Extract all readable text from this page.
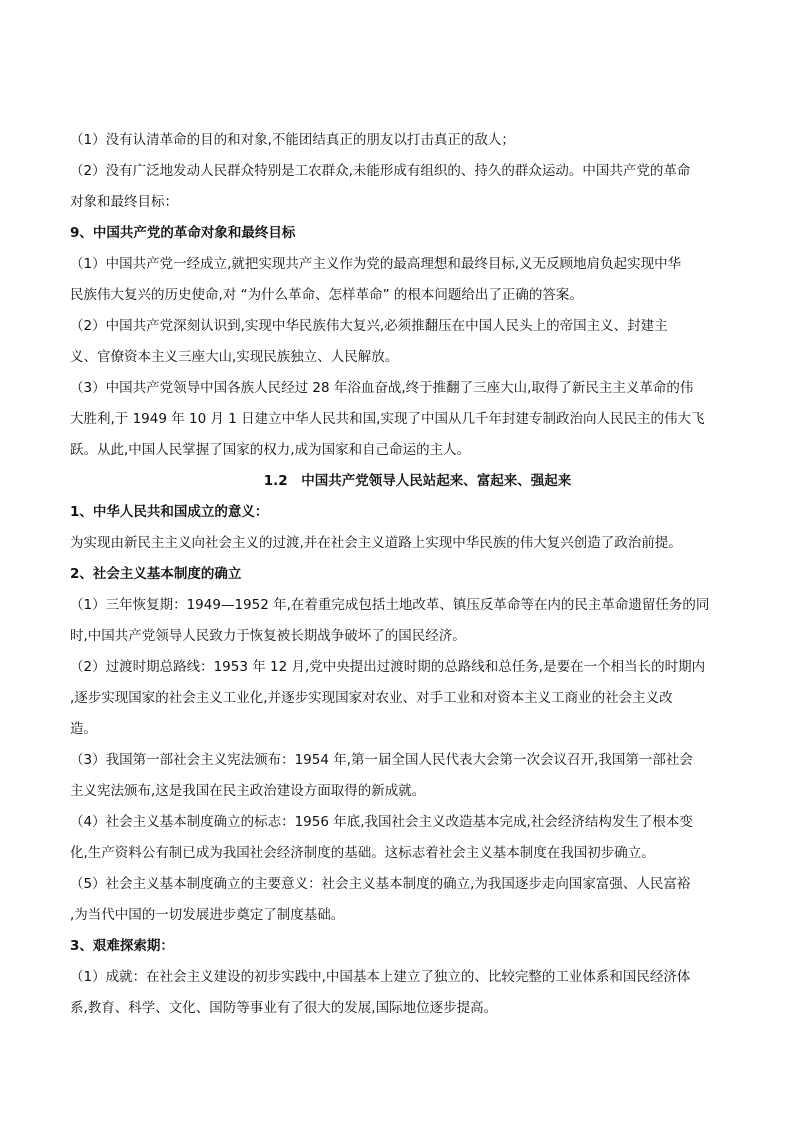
（1）没有认清革命的目的和对象,不能团结真正的朋友以打击真正的敌人；
（2）没有广泛地发动人民群众特别是工农群众,未能形成有组织的、持久的群众运动。中国共产党的革命
对象和最终目标：
9、中国共产党的革命对象和最终目标
（1）中国共产党一经成立,就把实现共产主义作为党的最高理想和最终目标,义无反顾地肩负起实现中华
民族伟大复兴的历史使命,对 “为什么革命、怎样革命” 的根本问题给出了正确的答案。
（2）中国共产党深刻认识到,实现中华民族伟大复兴,必须推翻压在中国人民头上的帝国主义、封建主
义、官僚资本主义三座大山,实现民族独立、人民解放。
（3）中国共产党领导中国各族人民经过 28 年浴血奋战,终于推翻了三座大山,取得了新民主主义革命的伟
大胜利,于 1949 年 10 月 1 日建立中华人民共和国,实现了中国从几千年封建专制政治向人民民主的伟大飞
跃。从此,中国人民掌握了国家的权力,成为国家和自己命运的主人。
1.2　中国共产党领导人民站起来、富起来、强起来
1、中华人民共和国成立的意义：
为实现由新民主主义向社会主义的过渡,并在社会主义道路上实现中华民族的伟大复兴创造了政治前提。
2、社会主义基本制度的确立
（1）三年恢复期：1949—1952 年,在着重完成包括土地改革、镇压反革命等在内的民主革命遗留任务的同
时,中国共产党领导人民致力于恢复被长期战争破坏了的国民经济。
（2）过渡时期总路线：1953 年 12 月,党中央提出过渡时期的总路线和总任务,是要在一个相当长的时期内
,逐步实现国家的社会主义工业化,并逐步实现国家对农业、对手工业和对资本主义工商业的社会主义改
造。
（3）我国第一部社会主义宪法颁布：1954 年,第一届全国人民代表大会第一次会议召开,我国第一部社会
主义宪法颁布,这是我国在民主政治建设方面取得的新成就。
（4）社会主义基本制度确立的标志：1956 年底,我国社会主义改造基本完成,社会经济结构发生了根本变
化,生产资料公有制已成为我国社会经济制度的基础。这标志着社会主义基本制度在我国初步确立。
（5）社会主义基本制度确立的主要意义：社会主义基本制度的确立,为我国逐步走向国家富强、人民富裕
,为当代中国的一切发展进步奠定了制度基础。
3、艰难探索期：
（1）成就：在社会主义建设的初步实践中,中国基本上建立了独立的、比较完整的工业体系和国民经济体
系,教育、科学、文化、国防等事业有了很大的发展,国际地位逐步提高。
